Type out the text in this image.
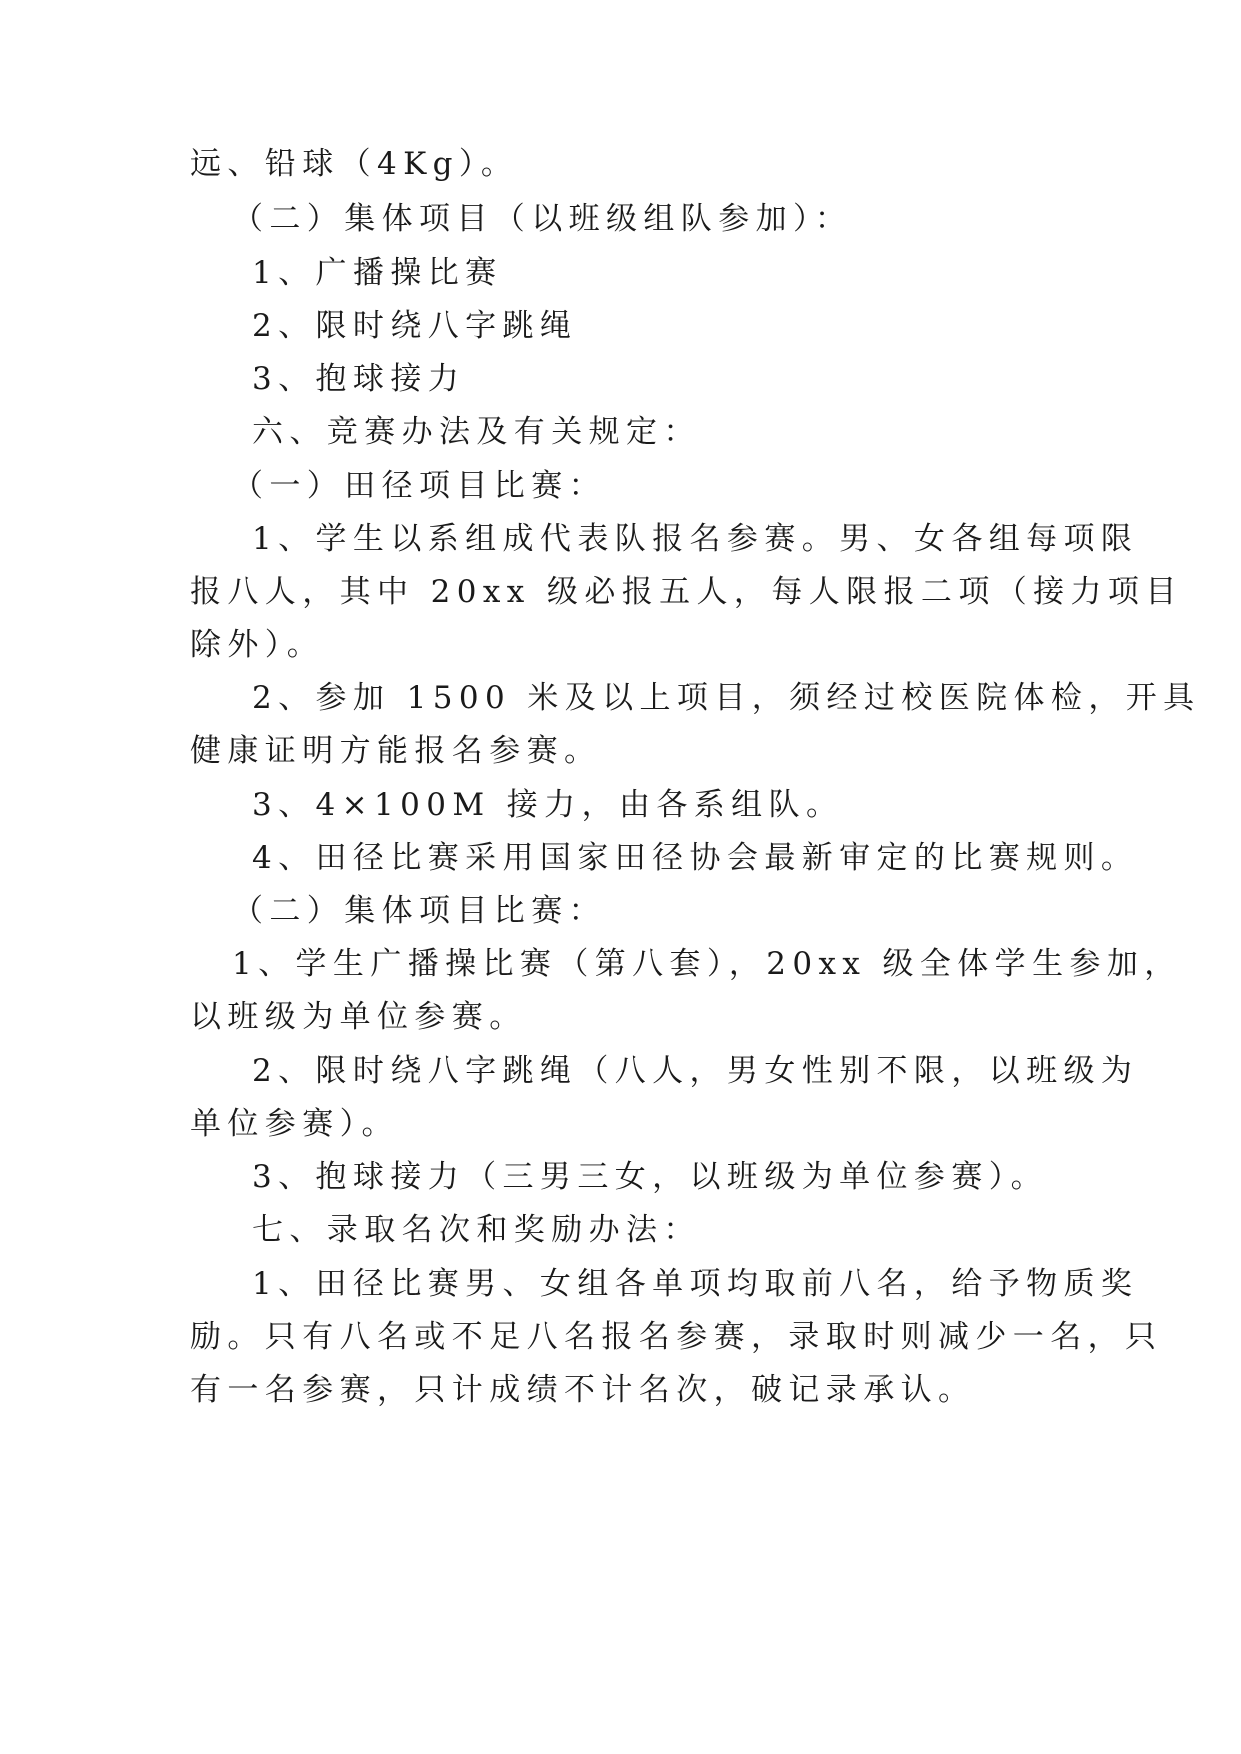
远、铅球（4Kg）。
（二）集体项目（以班级组队参加）：
1、广播操比赛
2、限时绕八字跳绳
3、抱球接力
六、竞赛办法及有关规定：
（一）田径项目比赛：
1、学生以系组成代表队报名参赛。男、女各组每项限
报八人，其中 20xx 级必报五人，每人限报二项（接力项目
除外）。
2、参加 1500 米及以上项目，须经过校医院体检，开具
健康证明方能报名参赛。
3、4×100M 接力，由各系组队。
4、田径比赛采用国家田径协会最新审定的比赛规则。
（二）集体项目比赛：
1、学生广播操比赛（第八套），20xx 级全体学生参加，
以班级为单位参赛。
2、限时绕八字跳绳（八人，男女性别不限，以班级为
单位参赛）。
3、抱球接力（三男三女，以班级为单位参赛）。
七、录取名次和奖励办法：
1、田径比赛男、女组各单项均取前八名，给予物质奖
励。只有八名或不足八名报名参赛，录取时则减少一名，只
有一名参赛，只计成绩不计名次，破记录承认。
